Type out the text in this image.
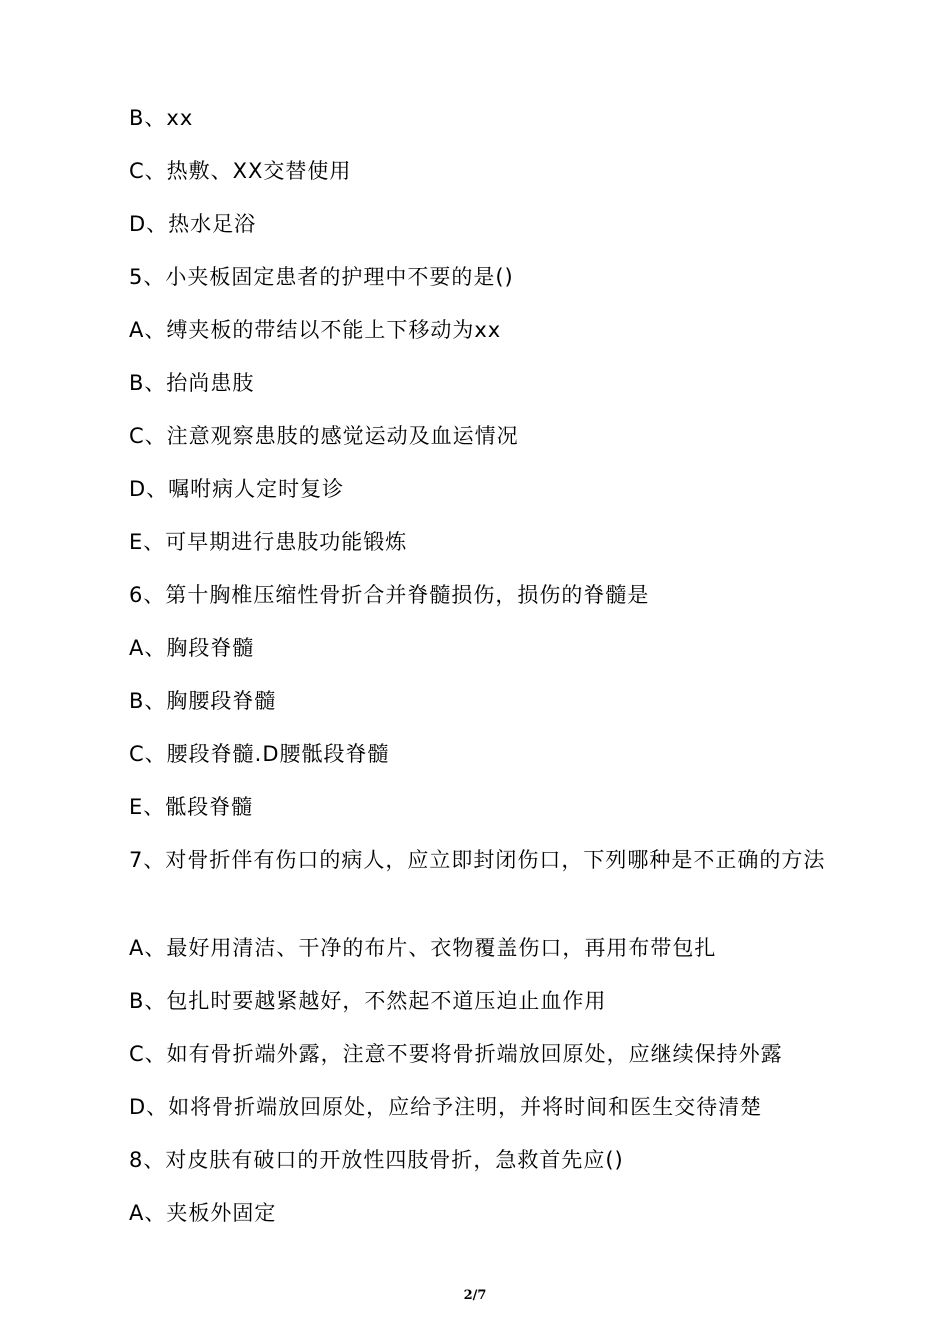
B、xx
C、热敷、XX交替使用
D、热水足浴
5、小夹板固定患者的护理中不要的是()
A、缚夹板的带结以不能上下移动为xx
B、抬尚患肢
C、注意观察患肢的感觉运动及血运情况
D、嘱咐病人定时复诊
E、可早期进行患肢功能锻炼
6、第十胸椎压缩性骨折合并脊髓损伤，损伤的脊髓是
A、胸段脊髓
B、胸腰段脊髓
C、腰段脊髓.D腰骶段脊髓
E、骶段脊髓
7、对骨折伴有伤口的病人，应立即封闭伤口，下列哪种是不正确的方法
A、最好用清洁、干净的布片、衣物覆盖伤口，再用布带包扎
B、包扎时要越紧越好，不然起不道压迫止血作用
C、如有骨折端外露，注意不要将骨折端放回原处，应继续保持外露
D、如将骨折端放回原处，应给予注明，并将时间和医生交待清楚
8、对皮肤有破口的开放性四肢骨折，急救首先应()
A、夹板外固定
2/7
